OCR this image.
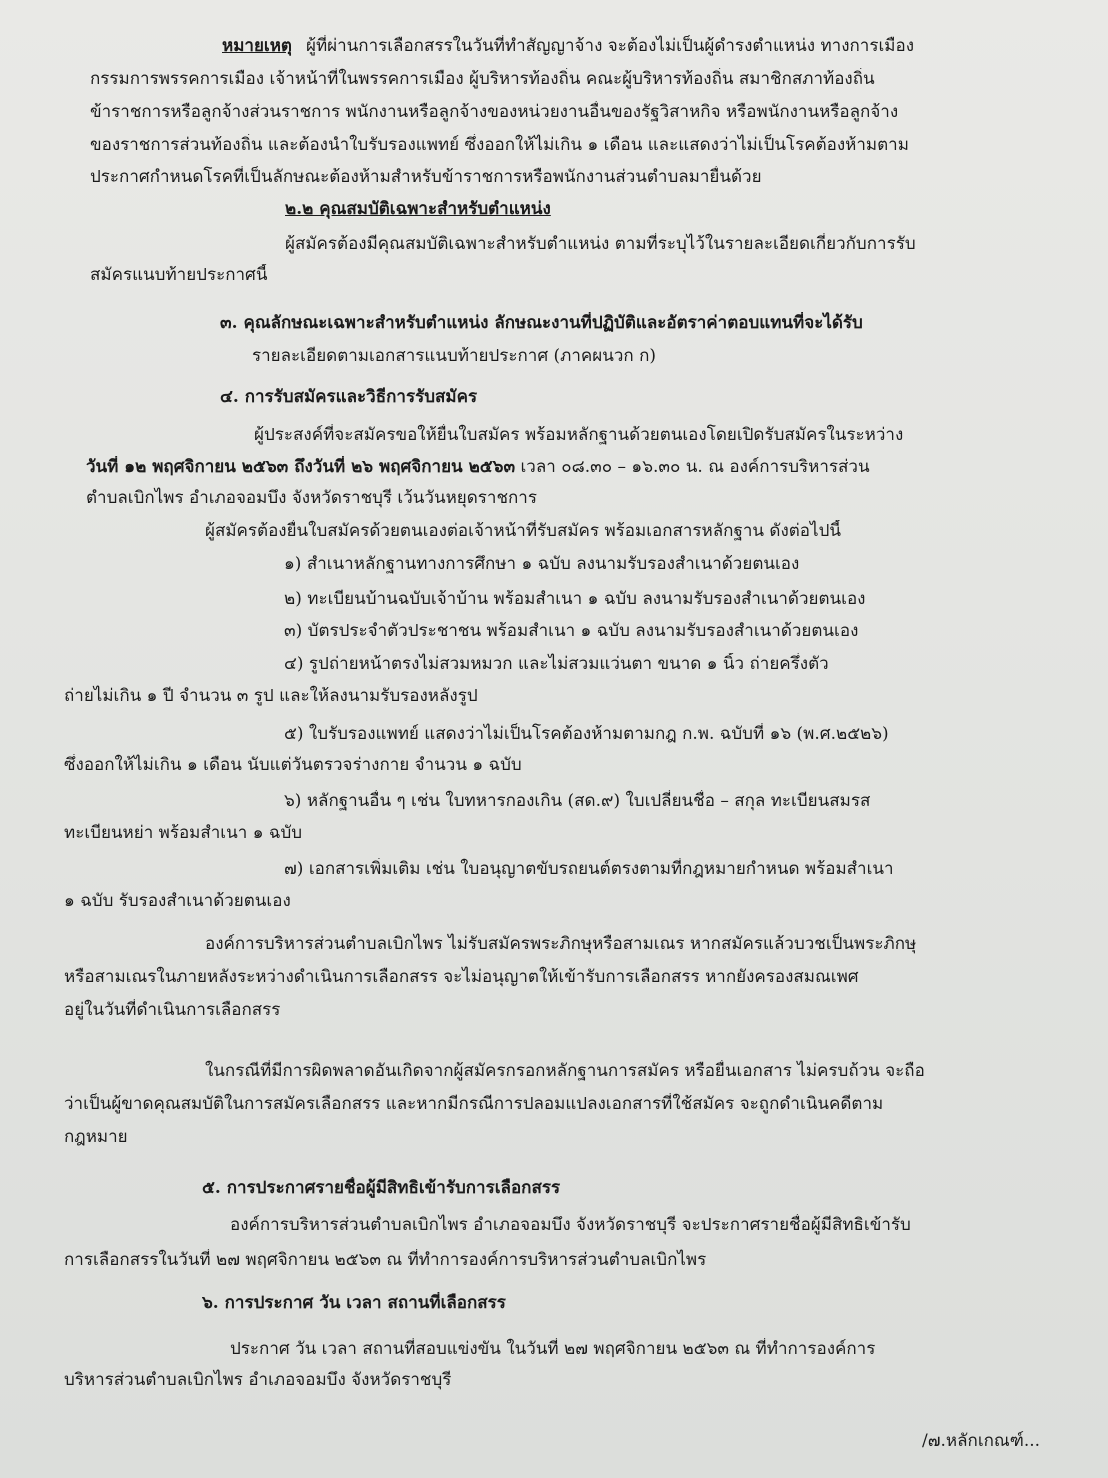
หมายเหตุ ผู้ที่ผ่านการเลือกสรรในวันที่ทำสัญญาจ้าง จะต้องไม่เป็นผู้ดำรงตำแหน่ง ทางการเมือง
กรรมการพรรคการเมือง เจ้าหน้าที่ในพรรคการเมือง ผู้บริหารท้องถิ่น คณะผู้บริหารท้องถิ่น สมาชิกสภาท้องถิ่น
ข้าราชการหรือลูกจ้างส่วนราชการ พนักงานหรือลูกจ้างของหน่วยงานอื่นของรัฐวิสาหกิจ หรือพนักงานหรือลูกจ้าง
ของราชการส่วนท้องถิ่น และต้องนำใบรับรองแพทย์ ซึ่งออกให้ไม่เกิน ๑ เดือน และแสดงว่าไม่เป็นโรคต้องห้ามตาม
ประกาศกำหนดโรคที่เป็นลักษณะต้องห้ามสำหรับข้าราชการหรือพนักงานส่วนตำบลมายื่นด้วย
๒.๒ คุณสมบัติเฉพาะสำหรับตำแหน่ง
ผู้สมัครต้องมีคุณสมบัติเฉพาะสำหรับตำแหน่ง ตามที่ระบุไว้ในรายละเอียดเกี่ยวกับการรับ
สมัครแนบท้ายประกาศนี้
๓. คุณลักษณะเฉพาะสำหรับตำแหน่ง ลักษณะงานที่ปฏิบัติและอัตราค่าตอบแทนที่จะได้รับ
รายละเอียดตามเอกสารแนบท้ายประกาศ (ภาคผนวก ก)
๔. การรับสมัครและวิธีการรับสมัคร
ผู้ประสงค์ที่จะสมัครขอให้ยื่นใบสมัคร พร้อมหลักฐานด้วยตนเองโดยเปิดรับสมัครในระหว่าง
วันที่ ๑๒ พฤศจิกายน ๒๕๖๓ ถึงวันที่ ๒๖ พฤศจิกายน ๒๕๖๓ เวลา ๐๘.๓๐ – ๑๖.๓๐ น. ณ องค์การบริหารส่วน
ตำบลเบิกไพร อำเภอจอมบึง จังหวัดราชบุรี เว้นวันหยุดราชการ
ผู้สมัครต้องยื่นใบสมัครด้วยตนเองต่อเจ้าหน้าที่รับสมัคร พร้อมเอกสารหลักฐาน ดังต่อไปนี้
๑) สำเนาหลักฐานทางการศึกษา ๑ ฉบับ ลงนามรับรองสำเนาด้วยตนเอง
๒) ทะเบียนบ้านฉบับเจ้าบ้าน พร้อมสำเนา ๑ ฉบับ ลงนามรับรองสำเนาด้วยตนเอง
๓) บัตรประจำตัวประชาชน พร้อมสำเนา ๑ ฉบับ ลงนามรับรองสำเนาด้วยตนเอง
๔) รูปถ่ายหน้าตรงไม่สวมหมวก และไม่สวมแว่นตา ขนาด ๑ นิ้ว ถ่ายครึ่งตัว
ถ่ายไม่เกิน ๑ ปี จำนวน ๓ รูป และให้ลงนามรับรองหลังรูป
๕) ใบรับรองแพทย์ แสดงว่าไม่เป็นโรคต้องห้ามตามกฎ ก.พ. ฉบับที่ ๑๖ (พ.ศ.๒๕๒๖)
ซึ่งออกให้ไม่เกิน ๑ เดือน นับแต่วันตรวจร่างกาย จำนวน ๑ ฉบับ
๖) หลักฐานอื่น ๆ เช่น ใบทหารกองเกิน (สด.๙) ใบเปลี่ยนชื่อ – สกุล ทะเบียนสมรส
ทะเบียนหย่า พร้อมสำเนา ๑ ฉบับ
๗) เอกสารเพิ่มเติม เช่น ใบอนุญาตขับรถยนต์ตรงตามที่กฎหมายกำหนด พร้อมสำเนา
๑ ฉบับ รับรองสำเนาด้วยตนเอง
องค์การบริหารส่วนตำบลเบิกไพร ไม่รับสมัครพระภิกษุหรือสามเณร หากสมัครแล้วบวชเป็นพระภิกษุ
หรือสามเณรในภายหลังระหว่างดำเนินการเลือกสรร จะไม่อนุญาตให้เข้ารับการเลือกสรร หากยังครองสมณเพศ
อยู่ในวันที่ดำเนินการเลือกสรร
ในกรณีที่มีการผิดพลาดอันเกิดจากผู้สมัครกรอกหลักฐานการสมัคร หรือยื่นเอกสาร ไม่ครบถ้วน จะถือ
ว่าเป็นผู้ขาดคุณสมบัติในการสมัครเลือกสรร และหากมีกรณีการปลอมแปลงเอกสารที่ใช้สมัคร จะถูกดำเนินคดีตาม
กฎหมาย
๕. การประกาศรายชื่อผู้มีสิทธิเข้ารับการเลือกสรร
องค์การบริหารส่วนตำบลเบิกไพร อำเภอจอมบึง จังหวัดราชบุรี จะประกาศรายชื่อผู้มีสิทธิเข้ารับ
การเลือกสรรในวันที่ ๒๗ พฤศจิกายน ๒๕๖๓ ณ ที่ทำการองค์การบริหารส่วนตำบลเบิกไพร
๖. การประกาศ วัน เวลา สถานที่เลือกสรร
ประกาศ วัน เวลา สถานที่สอบแข่งขัน ในวันที่ ๒๗ พฤศจิกายน ๒๕๖๓ ณ ที่ทำการองค์การ
บริหารส่วนตำบลเบิกไพร อำเภอจอมบึง จังหวัดราชบุรี
/๗.หลักเกณฑ์...
